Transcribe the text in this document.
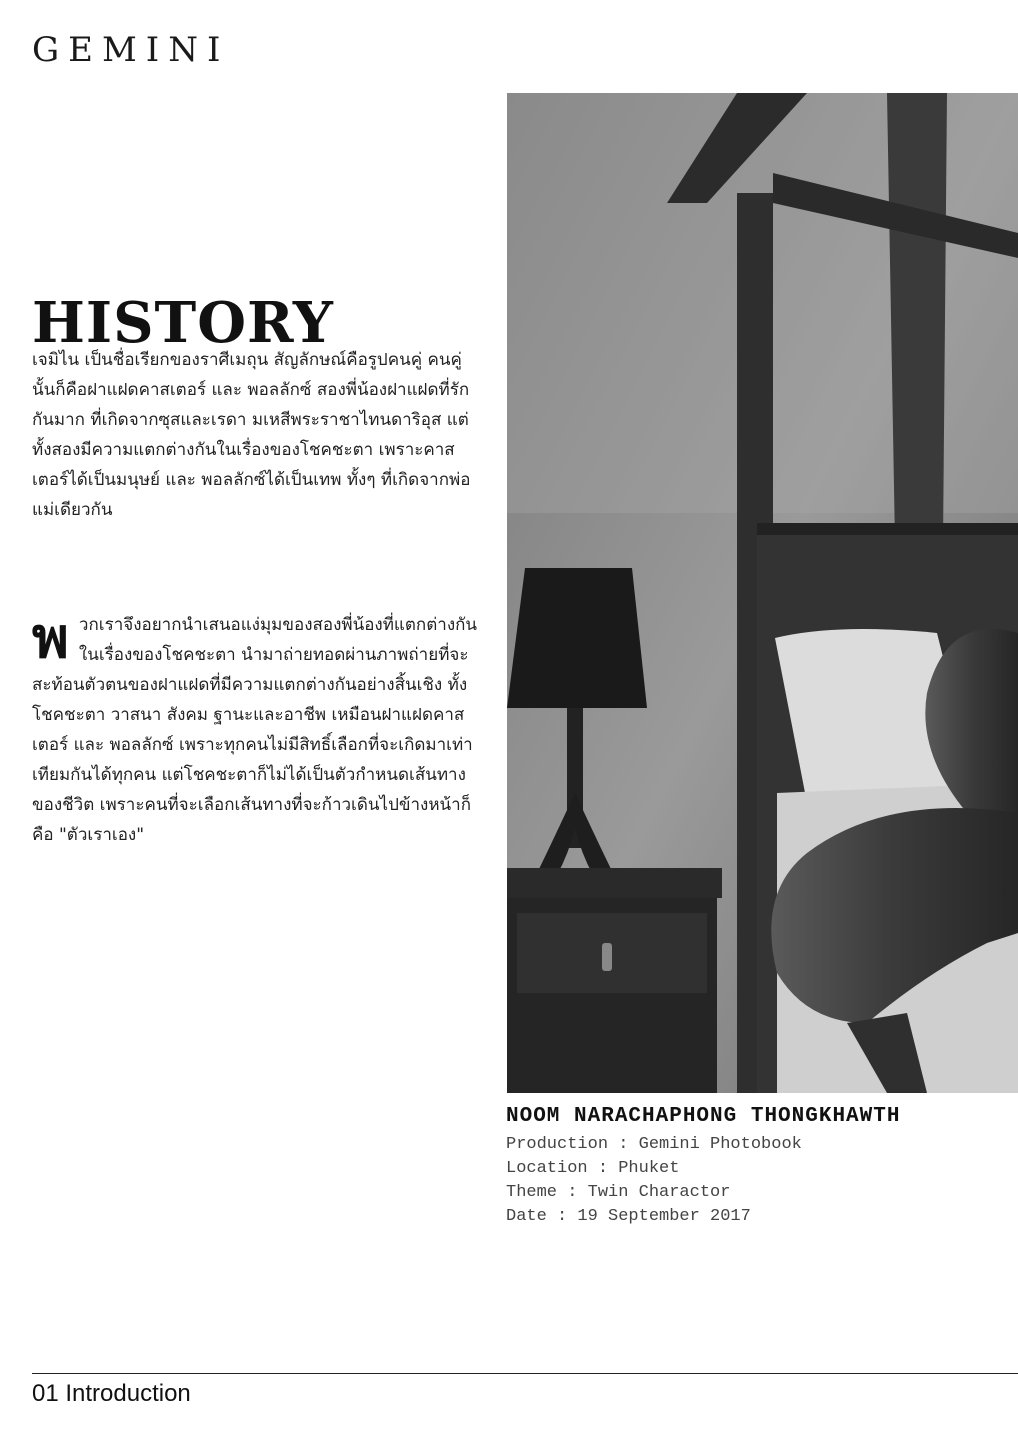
GEMINI
HISTORY

เจมิไน เป็นชื่อเรียกของราศีเมถุน สัญลักษณ์คือรูปคนคู่ คนคู่นั้นก็คือฝาแฝดคาสเตอร์ และ พอลลักซ์ สองพี่น้องฝาแฝดที่รักกันมาก ที่เกิดจากซุสและเรดา มเหสีพระราชาไทนดาริอุส แต่ทั้งสองมีความแตกต่างกันในเรื่องของโชคชะตา เพราะคาสเตอร์ได้เป็นมนุษย์ และ พอลลักซ์ได้เป็นเทพ ทั้งๆ ที่เกิดจากพ่อแม่เดียวกัน

พ วกเราจึงอยากนำเสนอแง่มุมของสองพี่น้องที่แตกต่างกันในเรื่องของโชคชะตา นำมาถ่ายทอดผ่านภาพถ่ายที่จะสะท้อนตัวตนของฝาแฝดที่มีความแตกต่างกันอย่างสิ้นเชิง ทั้งโชคชะตา วาสนา สังคม ฐานะและอาชีพ เหมือนฝาแฝดคาสเตอร์ และ พอลลักซ์ เพราะทุกคนไม่มีสิทธิ์เลือกที่จะเกิดมาเท่าเทียมกันได้ทุกคน แต่โชคชะตาก็ไม่ได้เป็นตัวกำหนดเส้นทางของชีวิต เพราะคนที่จะเลือกเส้นทางที่จะก้าวเดินไปข้างหน้าก็คือ "ตัวเราเอง"
NOOM NARACHAPHONG THONGKHAWTH
Production : Gemini Photobook
Location : Phuket
Theme : Twin Charactor
Date : 19 September 2017
01 Introduction
